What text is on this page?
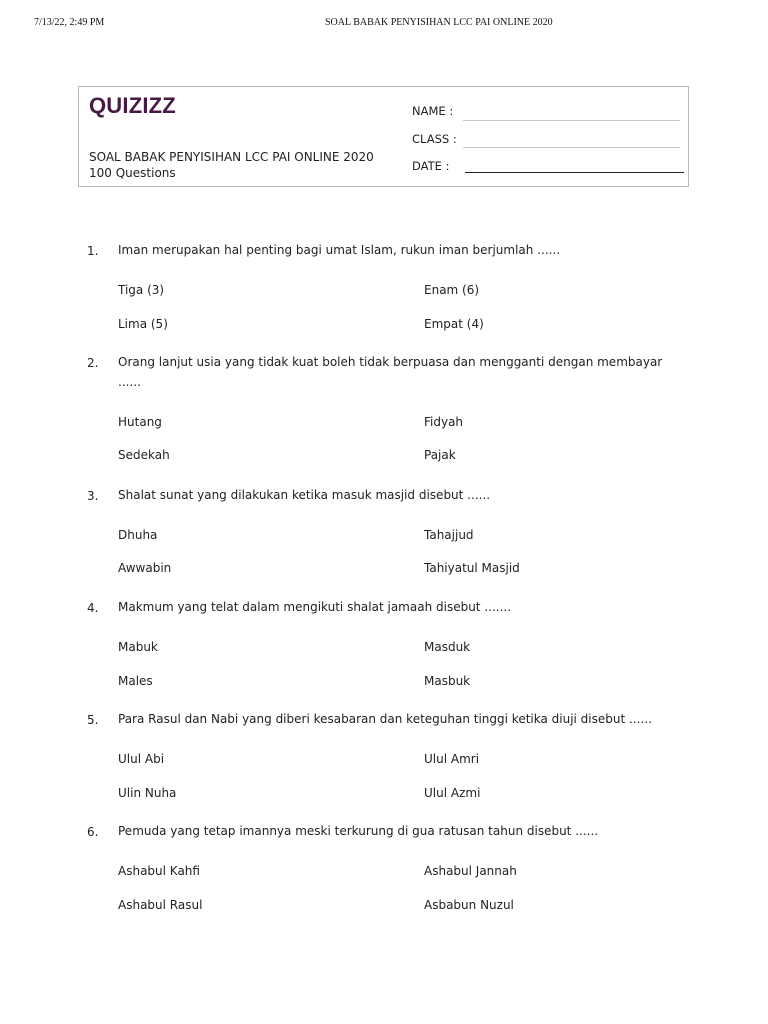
7/13/22, 2:49 PM	SOAL BABAK PENYISIHAN LCC PAI ONLINE 2020
QUIZIZZ
SOAL BABAK PENYISIHAN LCC PAI ONLINE 2020
100 Questions
NAME :
CLASS :
DATE :
1. Iman merupakan hal penting bagi umat Islam, rukun iman berjumlah ......
Tiga (3)	Enam (6)
Lima (5)	Empat (4)
2. Orang lanjut usia yang tidak kuat boleh tidak berpuasa dan mengganti dengan membayar ......
Hutang	Fidyah
Sedekah	Pajak
3. Shalat sunat yang dilakukan ketika masuk masjid disebut ......
Dhuha	Tahajjud
Awwabin	Tahiyatul Masjid
4. Makmum yang telat dalam mengikuti shalat jamaah disebut .......
Mabuk	Masduk
Males	Masbuk
5. Para Rasul dan Nabi yang diberi kesabaran dan keteguhan tinggi ketika diuji disebut ......
Ulul Abi	Ulul Amri
Ulin Nuha	Ulul Azmi
6. Pemuda yang tetap imannya meski terkurung di gua ratusan tahun disebut ......
Ashabul Kahfi	Ashabul Jannah
Ashabul Rasul	Asbabun Nuzul
